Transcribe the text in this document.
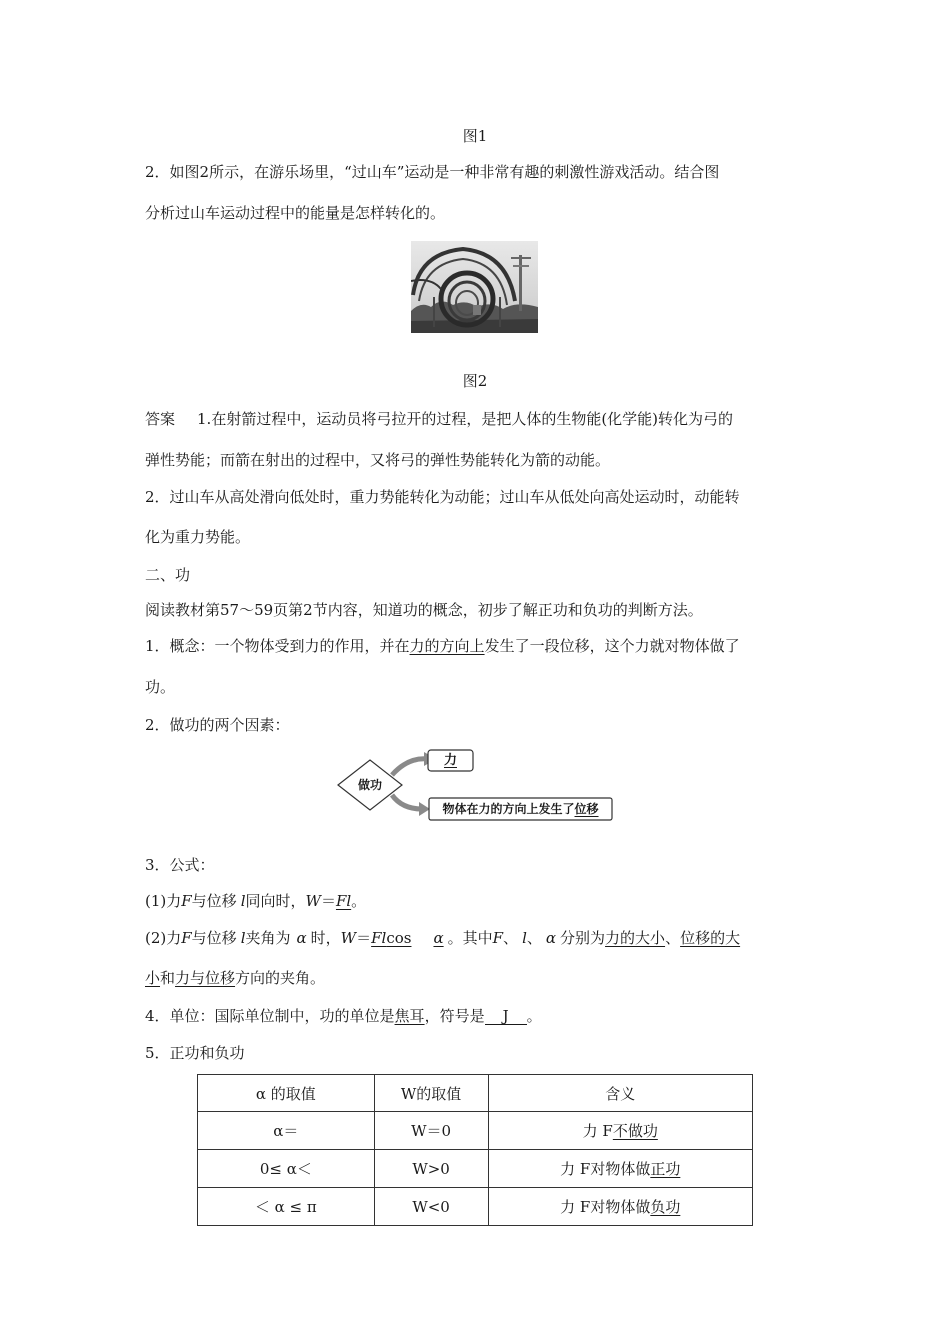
图1
2．如图2所示，在游乐场里，“过山车”运动是一种非常有趣的刺激性游戏活动。结合图
分析过山车运动过程中的能量是怎样转化的。
图2
答案 1.在射箭过程中，运动员将弓拉开的过程，是把人体的生物能(化学能)转化为弓的
弹性势能；而箭在射出的过程中，又将弓的弹性势能转化为箭的动能。
2．过山车从高处滑向低处时，重力势能转化为动能；过山车从低处向高处运动时，动能转
化为重力势能。
二、功
阅读教材第57～59页第2节内容，知道功的概念，初步了解正功和负功的判断方法。
1．概念：一个物体受到力的作用，并在力的方向上发生了一段位移，这个力就对物体做了
功。
2．做功的两个因素：
做功
力
物体在力的方向上发生了位移
3．公式：
(1)力F与位移 l同向时，W＝Fl。
(2)力F与位移 l夹角为 α 时，W＝Flcos α 。其中F、 l、 α 分别为力的大小、位移的大
小和力与位移方向的夹角。
4．单位：国际单位制中，功的单位是焦耳，符号是 J 。
5．正功和负功
α 的取值	W的取值	含义
α＝	W＝0	力 F不做功
0≤ α＜	W>0	力 F对物体做正功
＜ α ≤ π	W<0	力 F对物体做负功
